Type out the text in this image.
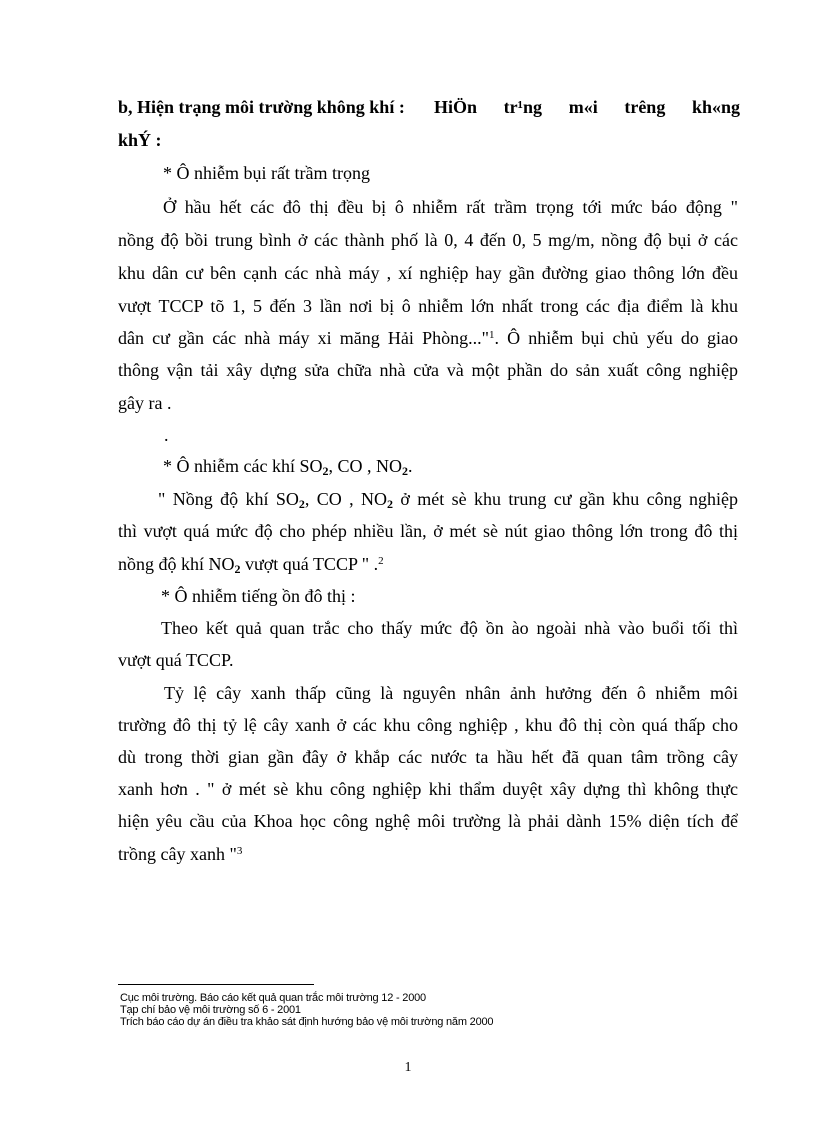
b, Hiện trạng môi trường không khí : HiÖn tr¹ng m«i trêng kh«ng
khÝ :
* Ô nhiễm bụi rất trầm trọng
Ở hầu hết các đô thị đều bị ô nhiễm rất trầm trọng tới mức báo động "
nồng độ bồi trung bình ở các thành phố là 0, 4 đến 0, 5 mg/m, nồng độ bụi ở các
khu dân cư bên cạnh các nhà máy , xí nghiệp hay gần đường giao thông lớn đều
vượt TCCP tõ 1, 5 đến 3 lần nơi bị ô nhiễm lớn nhất trong các địa điểm là khu
dân cư gần các nhà máy xi măng Hải Phòng..."$^1$. Ô nhiễm bụi chủ yếu do giao
thông vận tải xây dựng sửa chữa nhà cửa và một phần do sản xuất công nghiệp
gây ra .
.
* Ô nhiễm các khí $SO_2$, CO , $NO_2$.
" Nồng độ khí $SO_2$, CO , $NO_2$ ở mét sè khu trung cư gần khu công nghiệp
thì vượt quá mức độ cho phép nhiều lần, ở mét sè nút giao thông lớn trong đô thị
nồng độ khí $NO_2$ vượt quá TCCP " .$^2$
* Ô nhiễm tiếng ồn đô thị :
Theo kết quả quan trắc cho thấy mức độ ồn ào ngoài nhà vào buổi tối thì
vượt quá TCCP.
Tỷ lệ cây xanh thấp cũng là nguyên nhân ảnh hưởng đến ô nhiễm môi
trường đô thị tỷ lệ cây xanh ở các khu công nghiệp , khu đô thị còn quá thấp cho
dù trong thời gian gần đây ở khắp các nước ta hầu hết đã quan tâm trồng cây
xanh hơn . " ở mét sè khu công nghiệp khi thẩm duyệt xây dựng thì không thực
hiện yêu cầu của Khoa học công nghệ môi trường là phải dành 15% diện tích để
trồng cây xanh "$^3$
Cục môi trường. Báo cáo kết quả quan trắc môi trường 12 - 2000
Tạp chí bảo vệ môi trường số 6 - 2001
Trích báo cáo dự án điều tra khảo sát định hướng bảo vệ môi trường năm 2000
1
